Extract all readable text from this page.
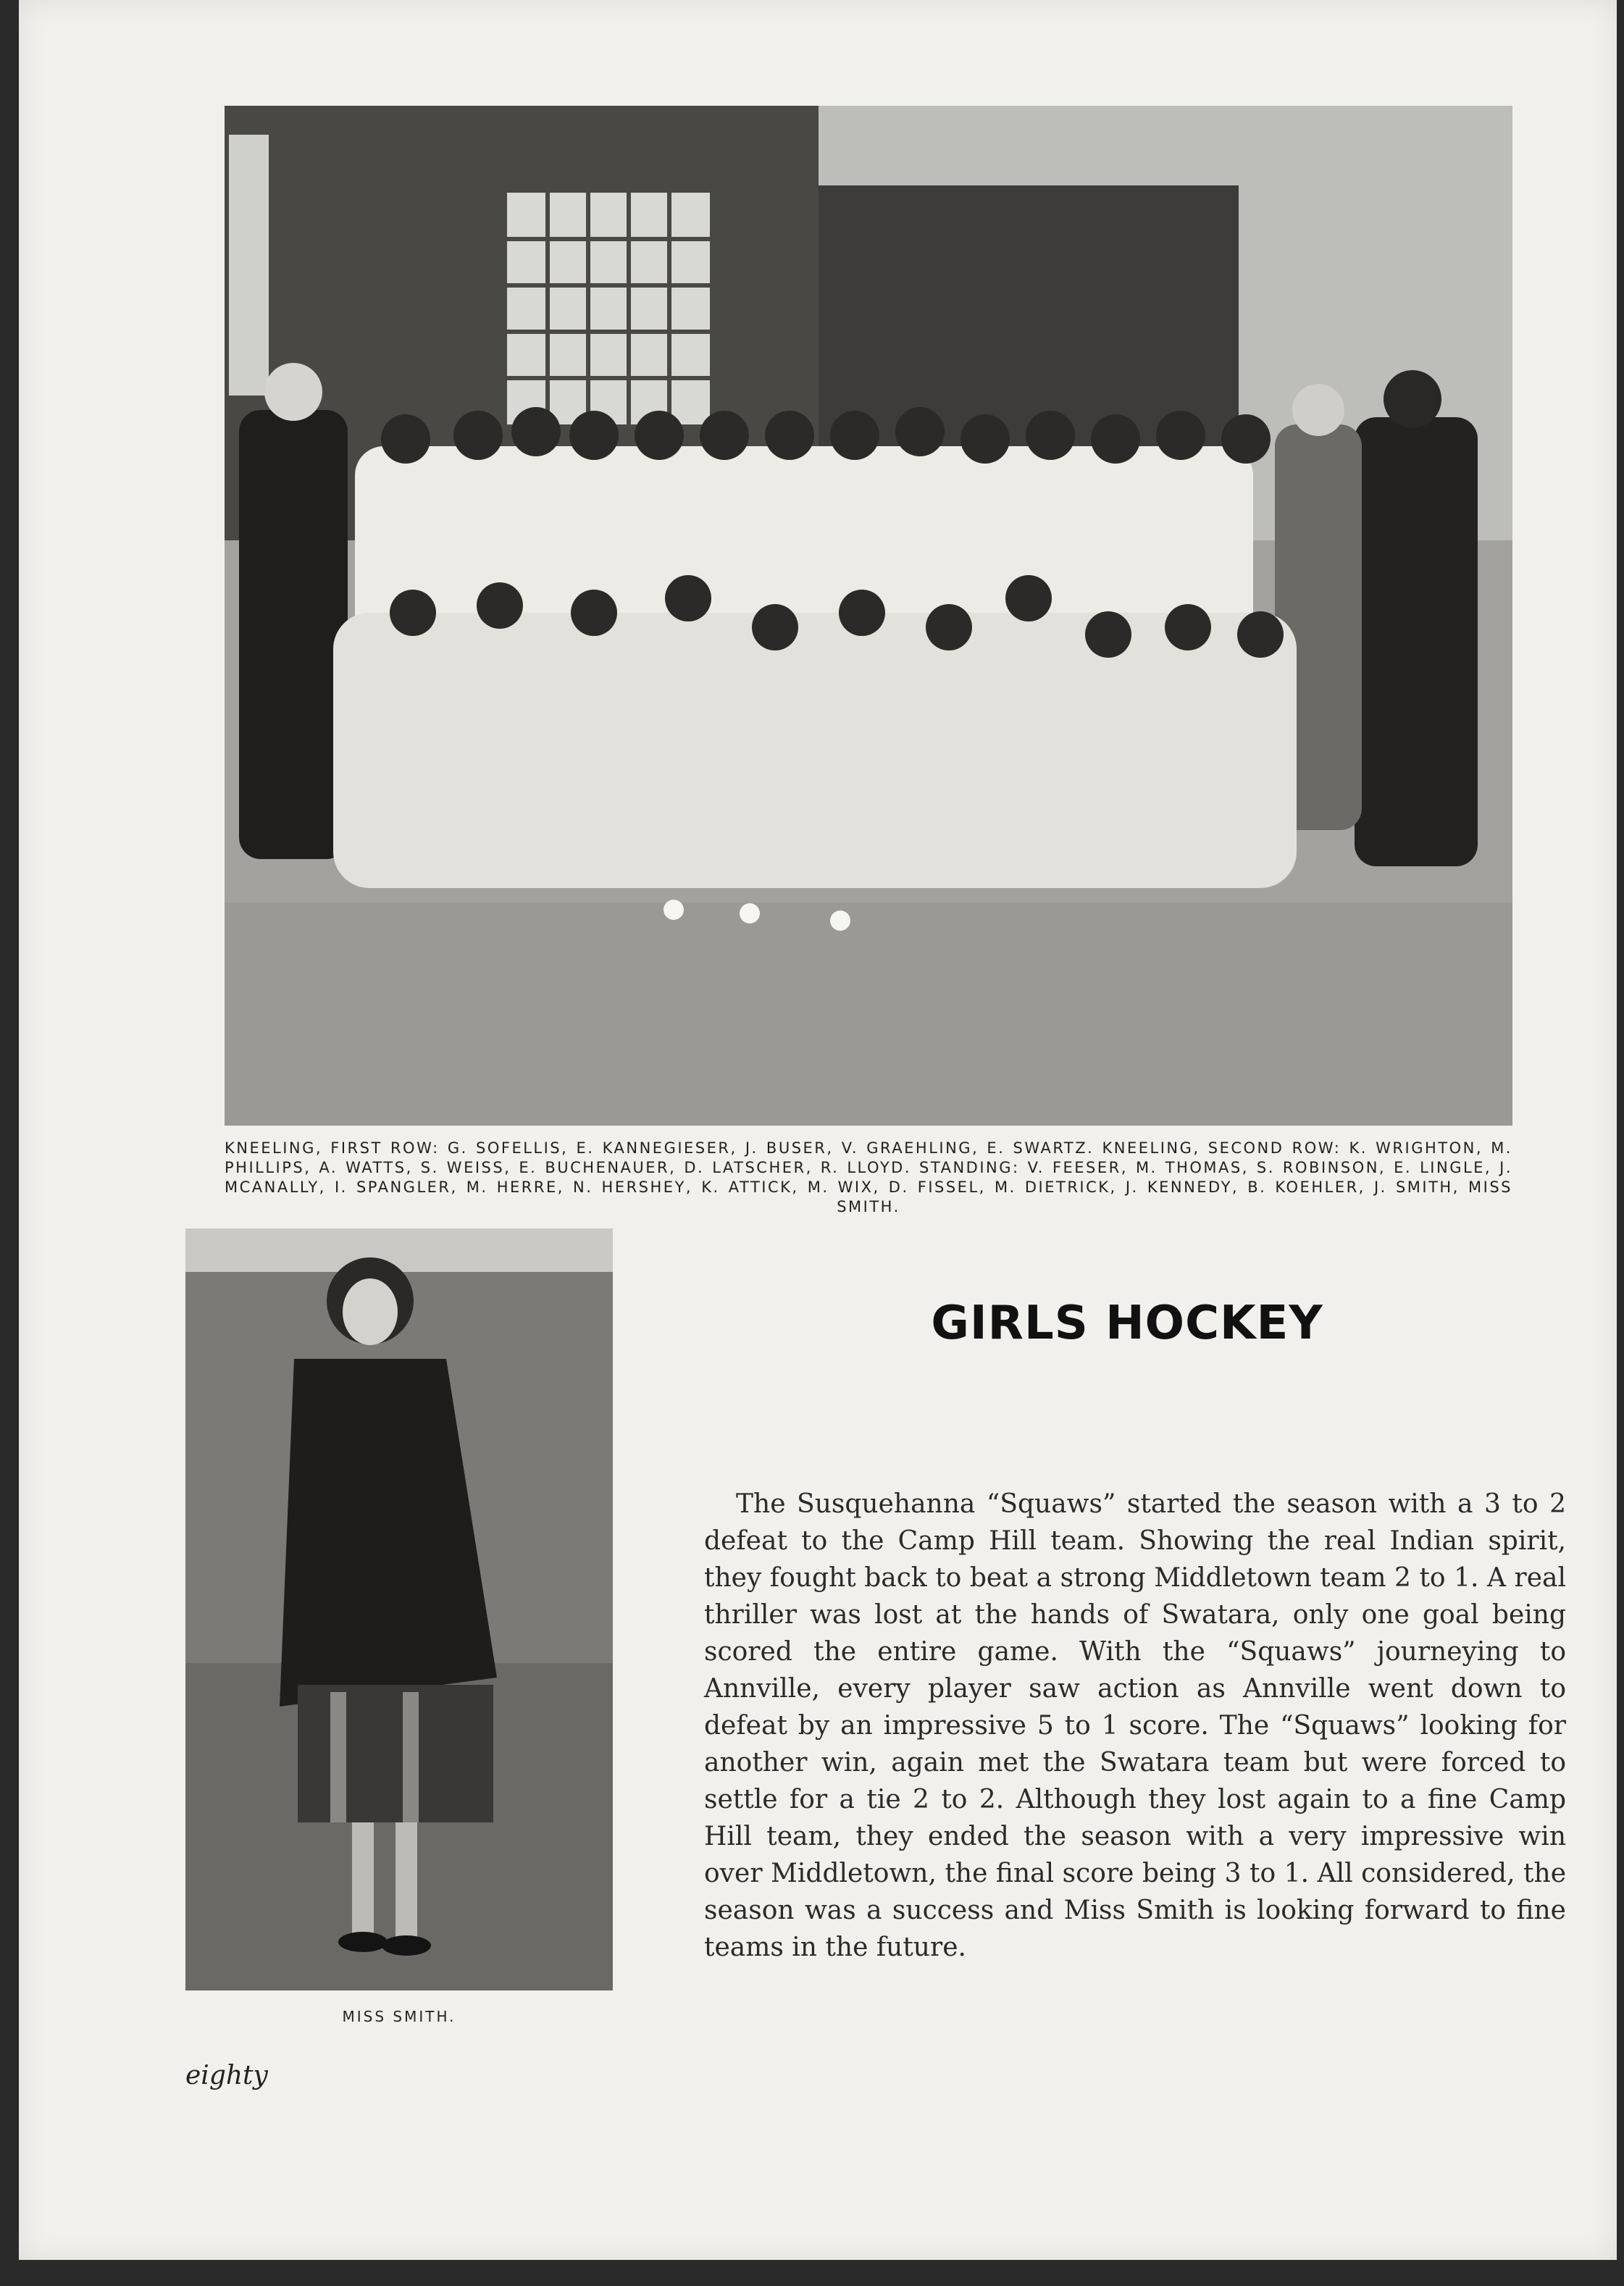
KNEELING, FIRST ROW: G. SOFELLIS, E. KANNEGIESER, J. BUSER, V. GRAEHLING, E. SWARTZ. KNEELING, SECOND ROW: K. WRIGHTON, M. PHILLIPS, A. WATTS, S. WEISS, E. BUCHENAUER, D. LATSCHER, R. LLOYD. STANDING: V. FEESER, M. THOMAS, S. ROBINSON, E. LINGLE, J. MCANALLY, I. SPANGLER, M. HERRE, N. HERSHEY, K. ATTICK, M. WIX, D. FISSEL, M. DIETRICK, J. KENNEDY, B. KOEHLER, J. SMITH, MISS SMITH.
MISS SMITH.
GIRLS HOCKEY

The Susquehanna “Squaws” started the season with a 3 to 2 defeat to the Camp Hill team. Showing the real Indian spirit, they fought back to beat a strong Middletown team 2 to 1. A real thriller was lost at the hands of Swatara, only one goal being scored the entire game. With the “Squaws” journeying to Annville, every player saw action as Annville went down to defeat by an impressive 5 to 1 score. The “Squaws” looking for another win, again met the Swatara team but were forced to settle for a tie 2 to 2. Although they lost again to a fine Camp Hill team, they ended the season with a very impressive win over Middletown, the final score being 3 to 1. All considered, the season was a success and Miss Smith is looking forward to fine teams in the future.

eighty
